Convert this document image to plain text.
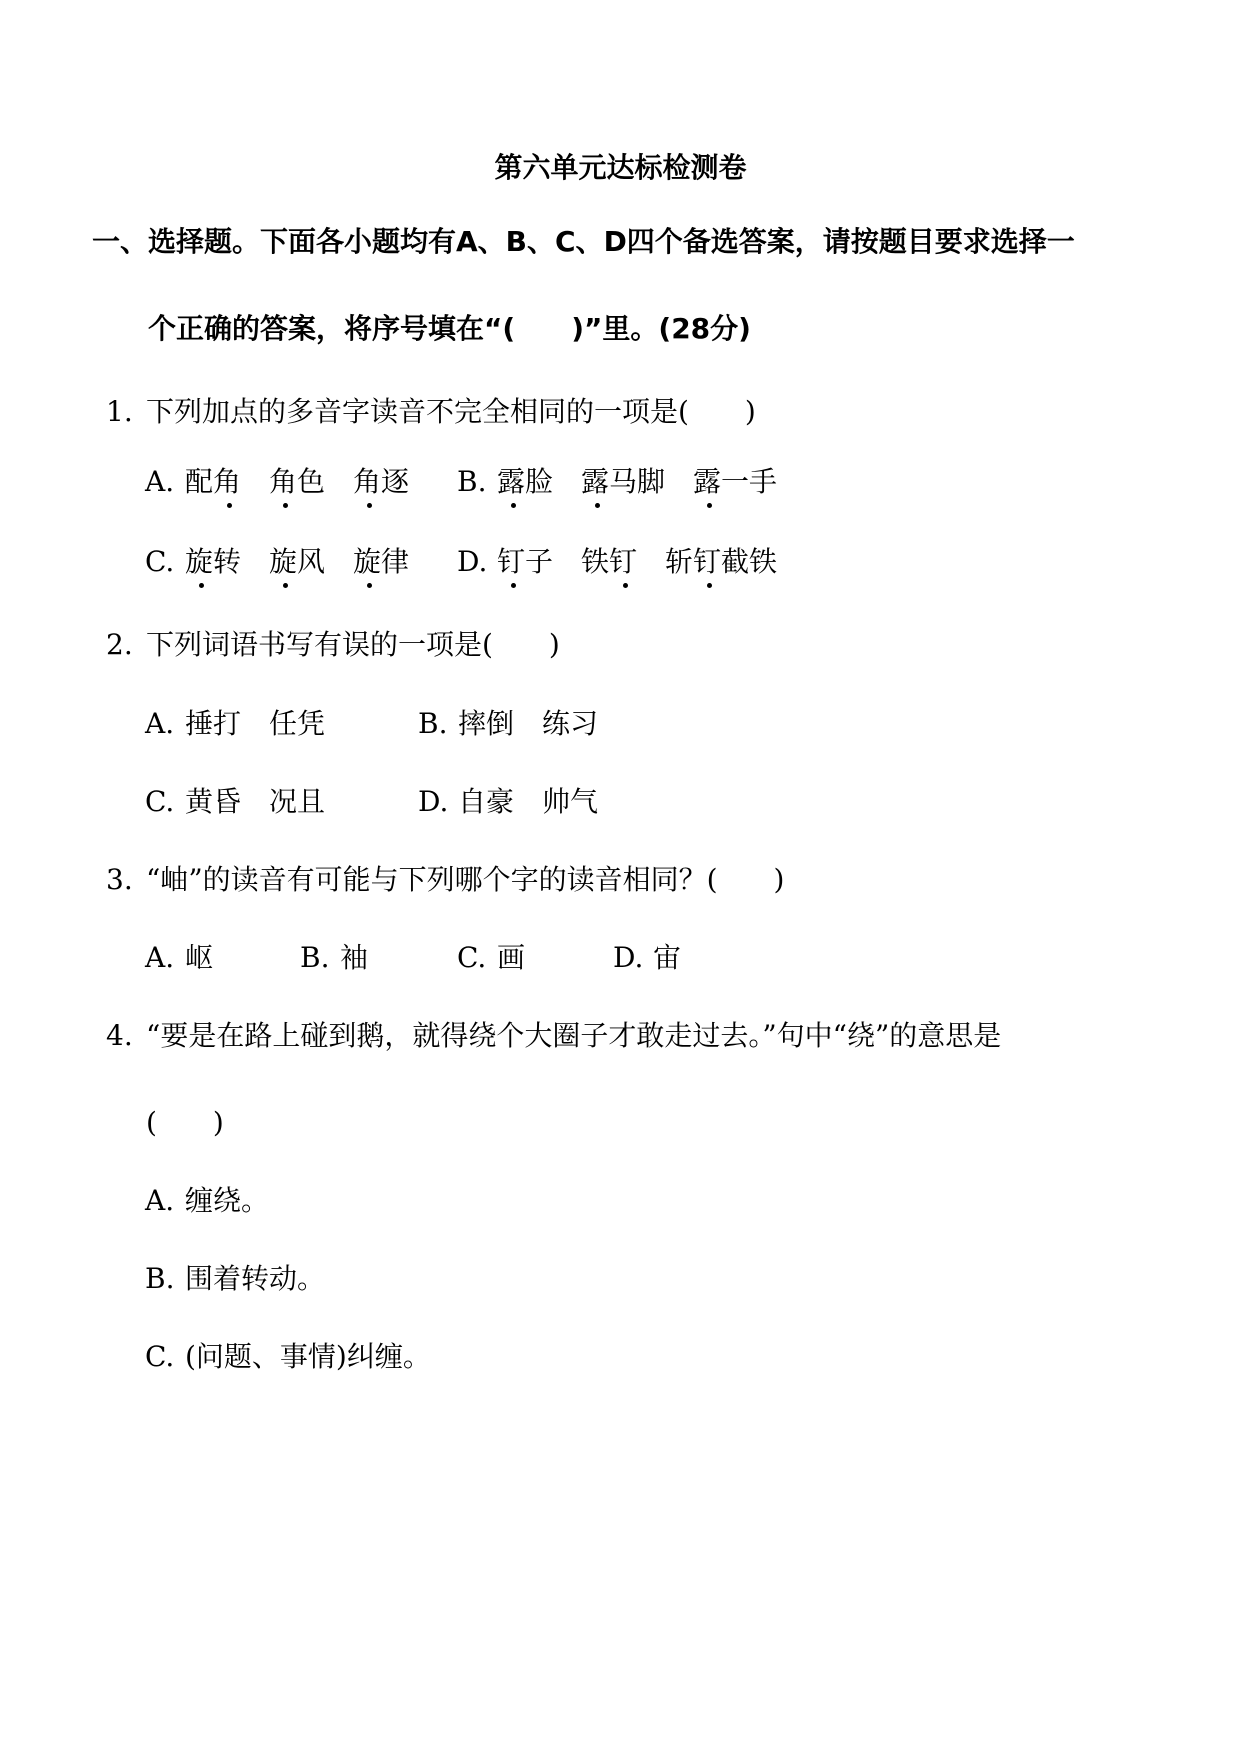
第六单元达标检测卷
一、选择题。下面各小题均有A、B、C、D四个备选答案，请按题目要求选择一
个正确的答案，将序号填在“(　　)”里。(28分)
1. 下列加点的多音字读音不完全相同的一项是(　　)
A. 配角 角色 角逐 B. 露脸 露马脚 露一手
C. 旋转 旋风 旋律 D. 钉子 铁钉 斩钉截铁
2. 下列词语书写有误的一项是(　　)
A. 捶打　任凭	B. 摔倒　练习
C. 黄昏　况且	D. 自豪　帅气
3. “岫”的读音有可能与下列哪个字的读音相同？(　　)
A. 岖	B. 袖	C. 画	D. 宙
4. “要是在路上碰到鹅，就得绕个大圈子才敢走过去。”句中“绕”的意思是
(　　)
A. 缠绕。
B. 围着转动。
C. (问题、事情)纠缠。
